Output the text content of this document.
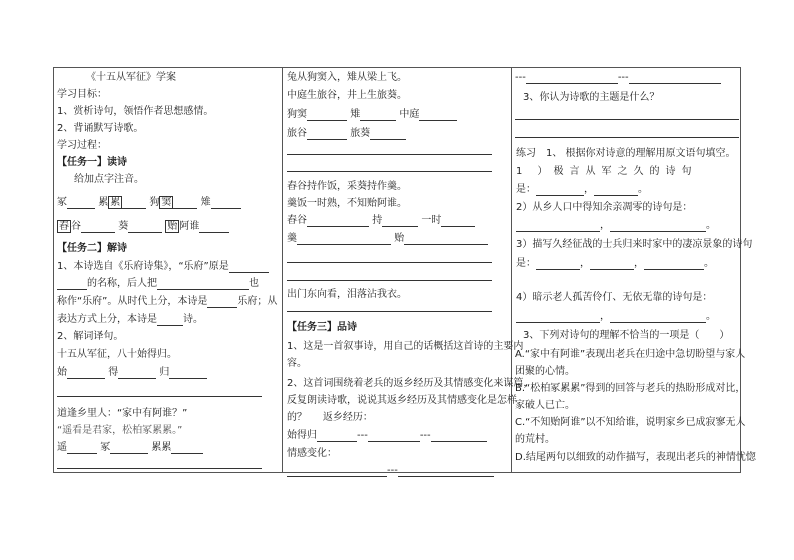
《十五从军征》学案
学习目标：
1、赏析诗句，领悟作者思想感情。
2、背诵默写诗歌。
学习过程：
【任务一】读诗
给加点字注音。
冢	累 累	狗 窦	雉
舂 谷	葵	贻 阿谁
【任务二】解诗
1、本诗选自《乐府诗集》，“乐府”原是
的名称，后人把	也
称作“乐府”。从时代上分，本诗是	乐府；从
表达方式上分，本诗是	诗。
2、解词译句。
十五从军征，八十始得归。
始	得	归
道逢乡里人：“家中有阿谁？”
“遥看是君家，松柏冢累累。”
遥	冢	累累
兔从狗窦入，雉从梁上飞。
中庭生旅谷，井上生旅葵。
狗窦	雉	中庭
旅谷	旅葵
舂谷持作饭，采葵持作羹。
羹饭一时熟，不知贻阿谁。
舂谷	持	一时
羹	贻
出门东向看，泪落沾我衣。
【任务三】品诗
1、这是一首叙事诗，用自己的话概括这首诗的主要内
容。
2、这首词围绕着老兵的返乡经历及其情感变化来谋篇，
反复朗读诗歌，说说其返乡经历及其情感变化是怎样
的？ 返乡经历：
始得归	---	---
情感变化：
---
---	---
3、你认为诗歌的主题是什么？
练习　1、 根据你对诗意的理解用原文语句填空。
1 ）极言从军之久的诗句
是：	，	。
2）从乡人口中得知余亲凋零的诗句是：
，	。
3）描写久经征战的士兵归来时家中的凄凉景象的诗句
是：	，	，	。
4）暗示老人孤苦伶仃、无依无靠的诗句是：
，	。
3、下列对诗句的理解不恰当的一项是（　　）
A.“家中有阿谁”表现出老兵在归途中急切盼望与家人
团聚的心情。
B.“松柏冢累累”得到的回答与老兵的热盼形成对比，
家破人已亡。
C.“不知贻阿谁”以不知给谁，说明家乡已成寂寥无人
的荒村。
D.结尾两句以细致的动作描写，表现出老兵的神情忧惚
